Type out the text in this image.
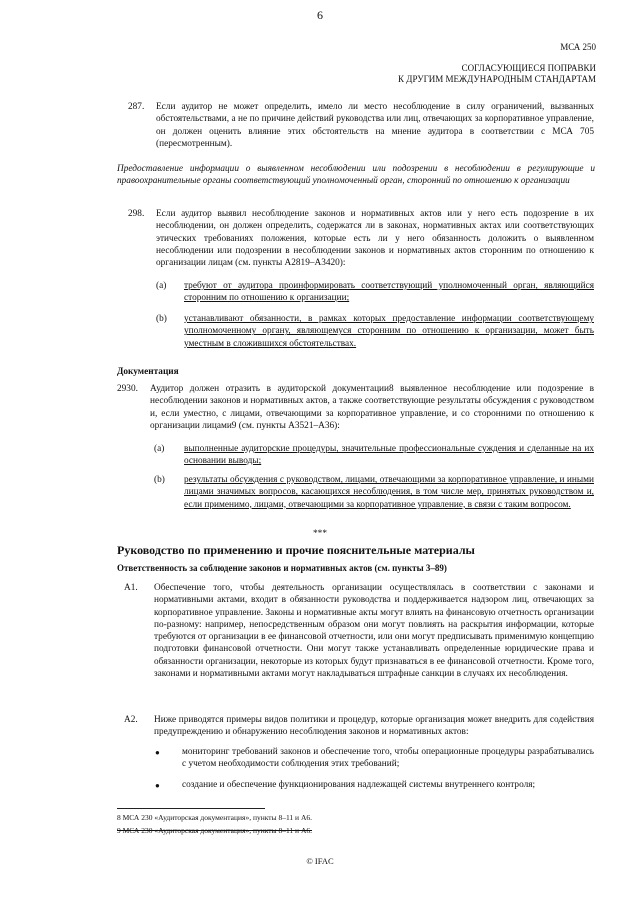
6
МСА 250
СОГЛАСУЮЩИЕСЯ ПОПРАВКИ
К ДРУГИМ МЕЖДУНАРОДНЫМ СТАНДАРТАМ
287. Если аудитор не может определить, имело ли место несоблюдение в силу ограничений, вызванных обстоятельствами, а не по причине действий руководства или лиц, отвечающих за корпоративное управление, он должен оценить влияние этих обстоятельств на мнение аудитора в соответствии с МСА 705 (пересмотренным).
Предоставление информации о выявленном несоблюдении или подозрении в несоблюдении в регулирующие и правоохранительные органы соответствующий уполномоченный орган, сторонний по отношению к организации
298. Если аудитор выявил несоблюдение законов и нормативных актов или у него есть подозрение в их несоблюдении, он должен определить, содержатся ли в законах, нормативных актах или соответствующих этических требованиях положения, которые есть ли у него обязанность доложить о выявленном несоблюдении или подозрении в несоблюдении законов и нормативных актов сторонним по отношению к организации лицам (см. пункты А2819–А3420):
(a) требуют от аудитора проинформировать соответствующий уполномоченный орган, являющийся сторонним по отношению к организации;
(b) устанавливают обязанности, в рамках которых предоставление информации соответствующему уполномоченному органу, являющемуся сторонним по отношению к организации, может быть уместным в сложившихся обстоятельствах.
Документация
2930. Аудитор должен отразить в аудиторской документации8 выявленное несоблюдение или подозрение в несоблюдении законов и нормативных актов, а также соответствующие результаты обсуждения с руководством и, если уместно, с лицами, отвечающими за корпоративное управление, и со сторонними по отношению к организации лицами9 (см. пункты А3521–А36):
(a) выполненные аудиторские процедуры, значительные профессиональные суждения и сделанные на их основании выводы;
(b) результаты обсуждения с руководством, лицами, отвечающими за корпоративное управление, и иными лицами значимых вопросов, касающихся несоблюдения, в том числе мер, принятых руководством и, если применимо, лицами, отвечающими за корпоративное управление, в связи с таким вопросом.
***
Руководство по применению и прочие пояснительные материалы
Ответственность за соблюдение законов и нормативных актов (см. пункты 3–89)
A1. Обеспечение того, чтобы деятельность организации осуществлялась в соответствии с законами и нормативными актами, входит в обязанности руководства и поддерживается надзором лиц, отвечающих за корпоративное управление. Законы и нормативные акты могут влиять на финансовую отчетность организации по-разному: например, непосредственным образом они могут повлиять на раскрытия информации, которые требуются от организации в ее финансовой отчетности, или они могут предписывать применимую концепцию подготовки финансовой отчетности. Они могут также устанавливать определенные юридические права и обязанности организации, некоторые из которых будут признаваться в ее финансовой отчетности. Кроме того, законами и нормативными актами могут накладываться штрафные санкции в случаях их несоблюдения.
A2. Ниже приводятся примеры видов политики и процедур, которые организация может внедрить для содействия предупреждению и обнаружению несоблюдения законов и нормативных актов:
● мониторинг требований законов и обеспечение того, чтобы операционные процедуры разрабатывались с учетом необходимости соблюдения этих требований;
● создание и обеспечение функционирования надлежащей системы внутреннего контроля;
8 МСА 230 «Аудиторская документация», пункты 8–11 и А6.
9 МСА 230 «Аудиторская документация», пункты 8–11 и А6.
© IFAC
